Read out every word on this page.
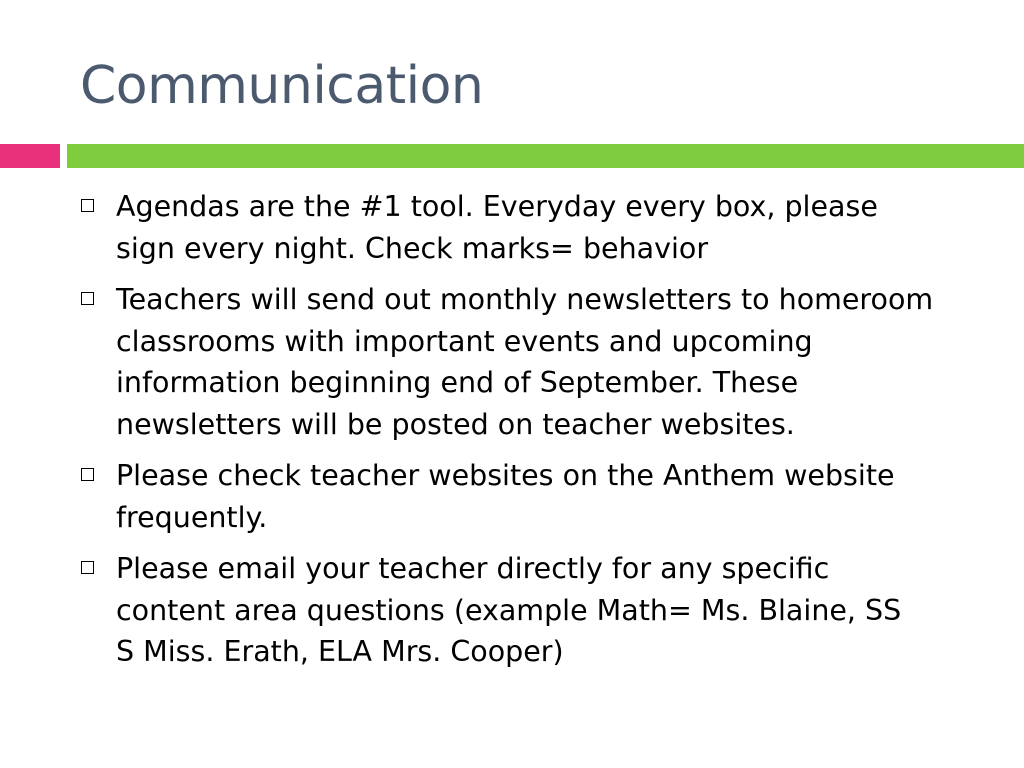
Communication
Agendas are the #1 tool. Everyday every box, please
sign every night. Check marks= behavior
Teachers will send out monthly newsletters to homeroom
classrooms with important events and upcoming
information beginning end of September. These
newsletters will be posted on teacher websites.
Please check teacher websites on the Anthem website
frequently.
Please email your teacher directly for any specific
content area questions (example Math= Ms. Blaine, SS
S Miss. Erath, ELA Mrs. Cooper)
